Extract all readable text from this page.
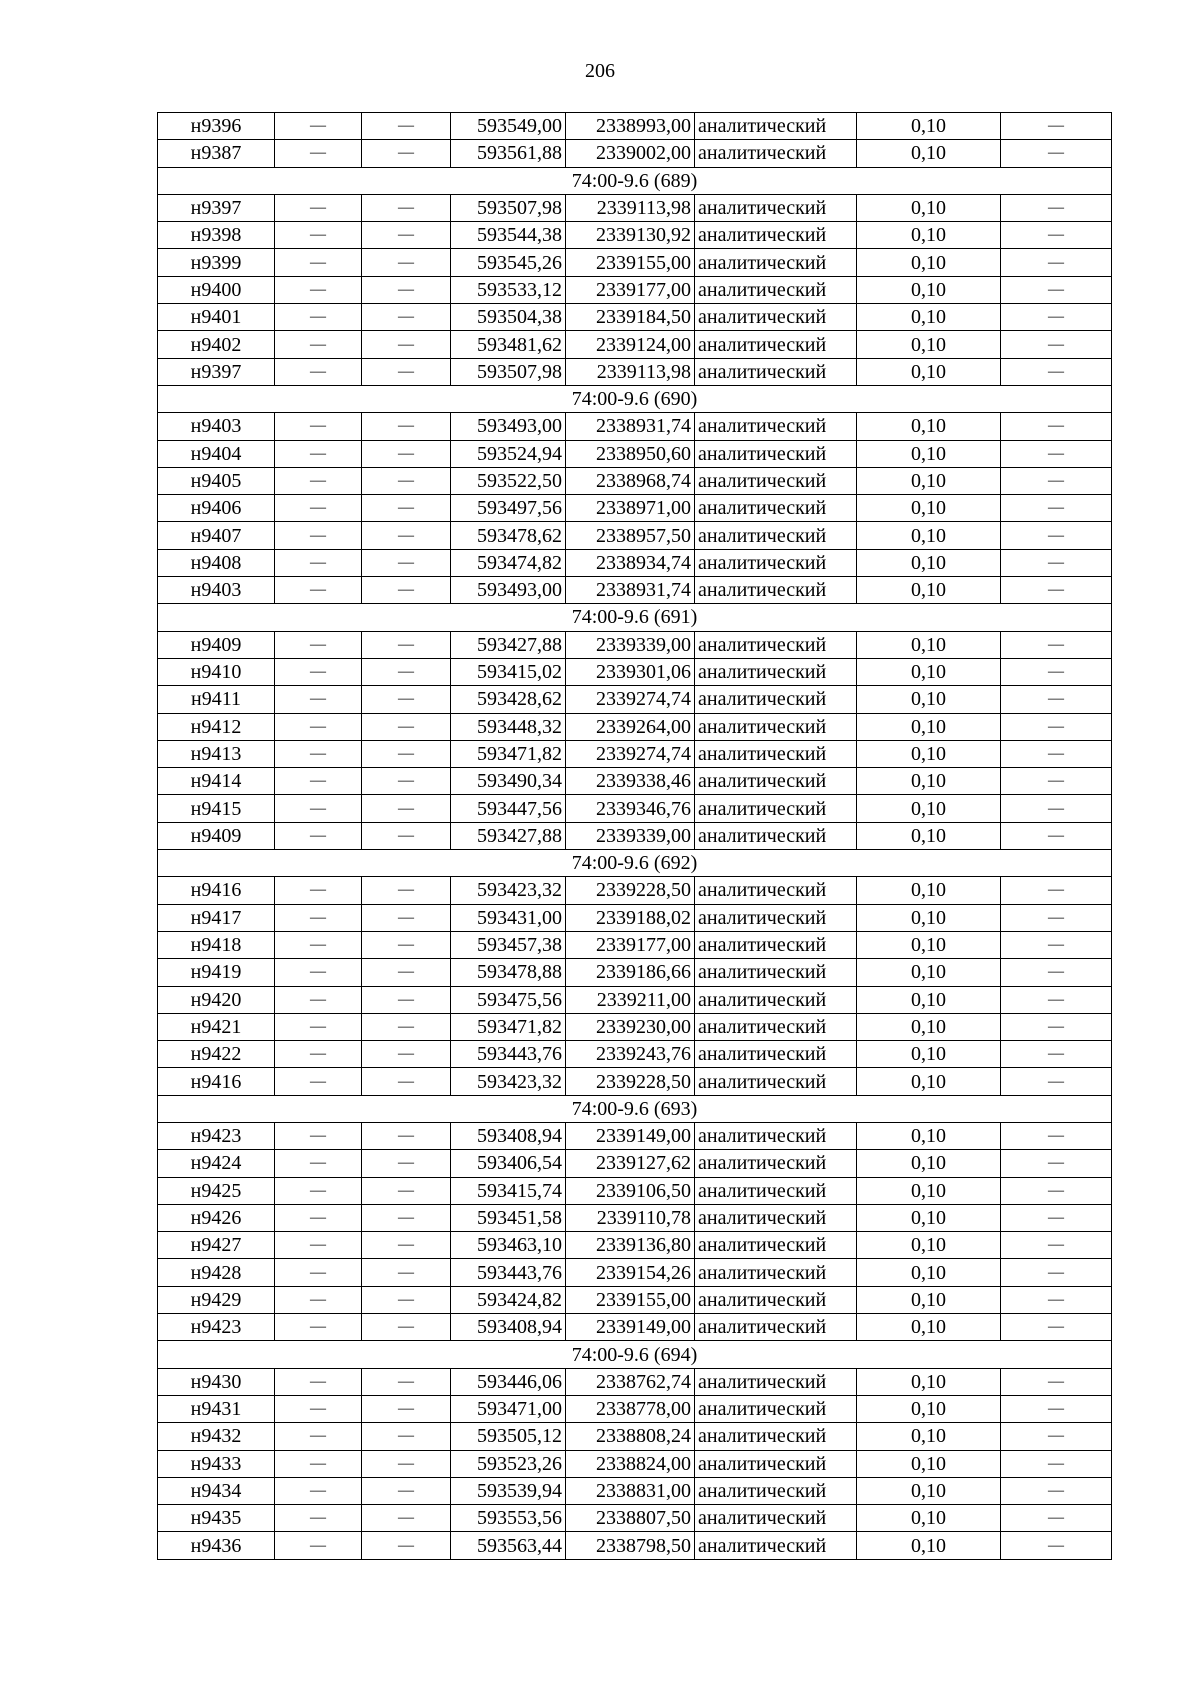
206
н9396	—	—	593549,00	2338993,00	аналитический	0,10	—
н9387	—	—	593561,88	2339002,00	аналитический	0,10	—
74:00-9.6 (689)							
н9397	—	—	593507,98	2339113,98	аналитический	0,10	—
н9398	—	—	593544,38	2339130,92	аналитический	0,10	—
н9399	—	—	593545,26	2339155,00	аналитический	0,10	—
н9400	—	—	593533,12	2339177,00	аналитический	0,10	—
н9401	—	—	593504,38	2339184,50	аналитический	0,10	—
н9402	—	—	593481,62	2339124,00	аналитический	0,10	—
н9397	—	—	593507,98	2339113,98	аналитический	0,10	—
74:00-9.6 (690)							
н9403	—	—	593493,00	2338931,74	аналитический	0,10	—
н9404	—	—	593524,94	2338950,60	аналитический	0,10	—
н9405	—	—	593522,50	2338968,74	аналитический	0,10	—
н9406	—	—	593497,56	2338971,00	аналитический	0,10	—
н9407	—	—	593478,62	2338957,50	аналитический	0,10	—
н9408	—	—	593474,82	2338934,74	аналитический	0,10	—
н9403	—	—	593493,00	2338931,74	аналитический	0,10	—
74:00-9.6 (691)							
н9409	—	—	593427,88	2339339,00	аналитический	0,10	—
н9410	—	—	593415,02	2339301,06	аналитический	0,10	—
н9411	—	—	593428,62	2339274,74	аналитический	0,10	—
н9412	—	—	593448,32	2339264,00	аналитический	0,10	—
н9413	—	—	593471,82	2339274,74	аналитический	0,10	—
н9414	—	—	593490,34	2339338,46	аналитический	0,10	—
н9415	—	—	593447,56	2339346,76	аналитический	0,10	—
н9409	—	—	593427,88	2339339,00	аналитический	0,10	—
74:00-9.6 (692)							
н9416	—	—	593423,32	2339228,50	аналитический	0,10	—
н9417	—	—	593431,00	2339188,02	аналитический	0,10	—
н9418	—	—	593457,38	2339177,00	аналитический	0,10	—
н9419	—	—	593478,88	2339186,66	аналитический	0,10	—
н9420	—	—	593475,56	2339211,00	аналитический	0,10	—
н9421	—	—	593471,82	2339230,00	аналитический	0,10	—
н9422	—	—	593443,76	2339243,76	аналитический	0,10	—
н9416	—	—	593423,32	2339228,50	аналитический	0,10	—
74:00-9.6 (693)							
н9423	—	—	593408,94	2339149,00	аналитический	0,10	—
н9424	—	—	593406,54	2339127,62	аналитический	0,10	—
н9425	—	—	593415,74	2339106,50	аналитический	0,10	—
н9426	—	—	593451,58	2339110,78	аналитический	0,10	—
н9427	—	—	593463,10	2339136,80	аналитический	0,10	—
н9428	—	—	593443,76	2339154,26	аналитический	0,10	—
н9429	—	—	593424,82	2339155,00	аналитический	0,10	—
н9423	—	—	593408,94	2339149,00	аналитический	0,10	—
74:00-9.6 (694)							
н9430	—	—	593446,06	2338762,74	аналитический	0,10	—
н9431	—	—	593471,00	2338778,00	аналитический	0,10	—
н9432	—	—	593505,12	2338808,24	аналитический	0,10	—
н9433	—	—	593523,26	2338824,00	аналитический	0,10	—
н9434	—	—	593539,94	2338831,00	аналитический	0,10	—
н9435	—	—	593553,56	2338807,50	аналитический	0,10	—
н9436	—	—	593563,44	2338798,50	аналитический	0,10	—
